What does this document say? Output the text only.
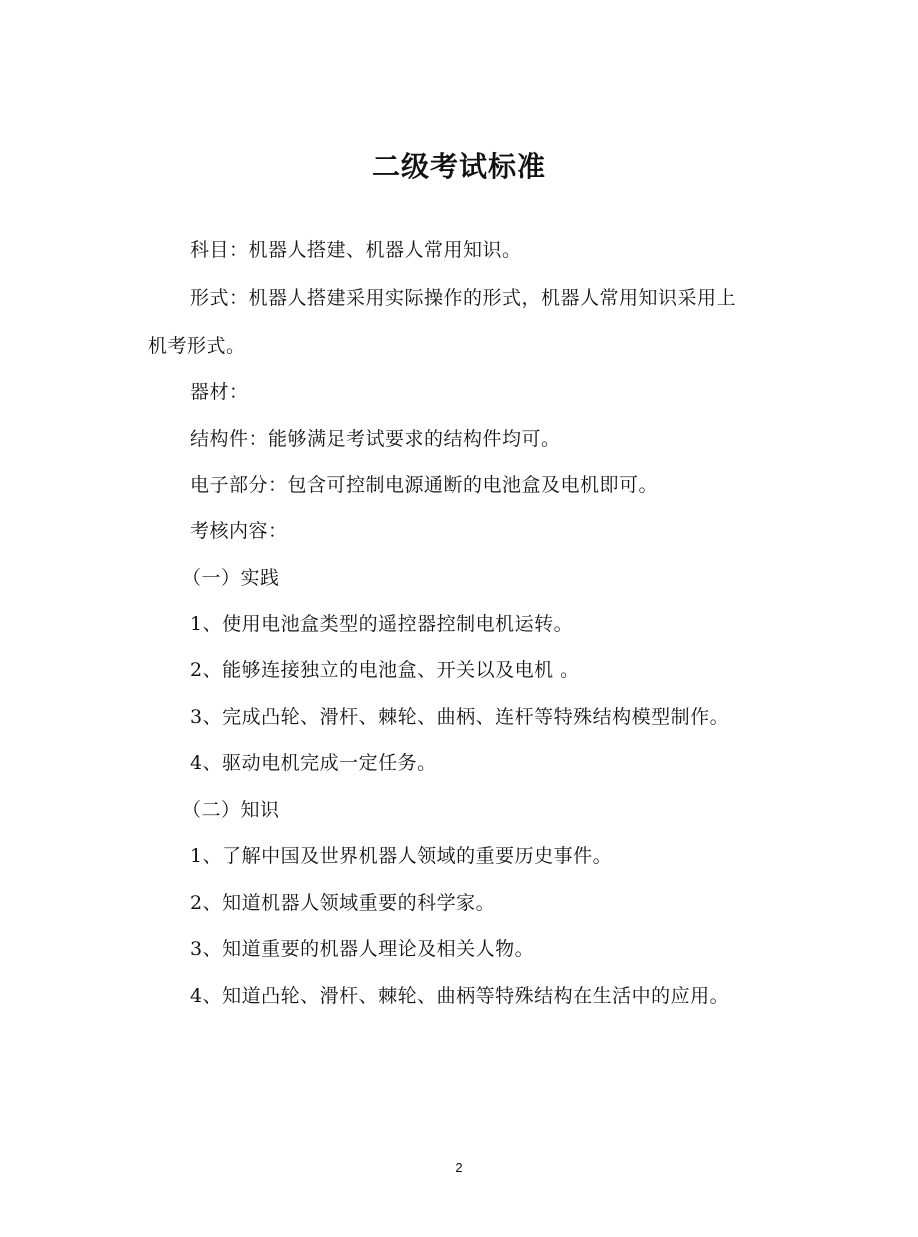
二级考试标准
科目：机器人搭建、机器人常用知识。
形式：机器人搭建采用实际操作的形式，机器人常用知识采用上
机考形式。
器材：
结构件：能够满足考试要求的结构件均可。
电子部分：包含可控制电源通断的电池盒及电机即可。
考核内容：
（一）实践
1、使用电池盒类型的遥控器控制电机运转。
2、能够连接独立的电池盒、开关以及电机 。
3、完成凸轮、滑杆、棘轮、曲柄、连杆等特殊结构模型制作。
4、驱动电机完成一定任务。
（二）知识
1、了解中国及世界机器人领域的重要历史事件。
2、知道机器人领域重要的科学家。
3、知道重要的机器人理论及相关人物。
4、知道凸轮、滑杆、棘轮、曲柄等特殊结构在生活中的应用。
2
